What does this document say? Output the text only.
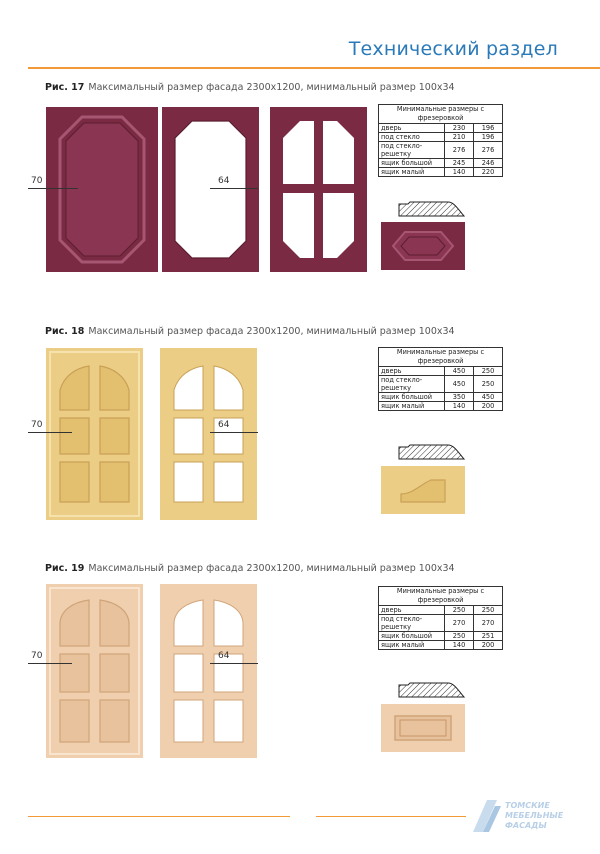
Технический раздел
Рис. 17 Максимальный размер фасада 2300х1200, минимальный размер 100х34
70	64
Минимальные размеры с фрезеровкой		
дверь	230	196
под стекло	210	196
под стекло-решетку	276	276
ящик большой	245	246
ящик малый	140	220
Рис. 18 Максимальный размер фасада 2300х1200, минимальный размер 100х34
70	64
Минимальные размеры с фрезеровкой		
дверь	450	250
под стекло-решетку	450	250
ящик большой	350	450
ящик малый	140	200
Рис. 19 Максимальный размер фасада 2300х1200, минимальный размер 100х34
70	64
Минимальные размеры с фрезеровкой		
дверь	250	250
под стекло-решетку	270	270
ящик большой	250	251
ящик малый	140	200
ТОМСКИЕ
МЕБЕЛЬНЫЕ
ФАСАДЫ
